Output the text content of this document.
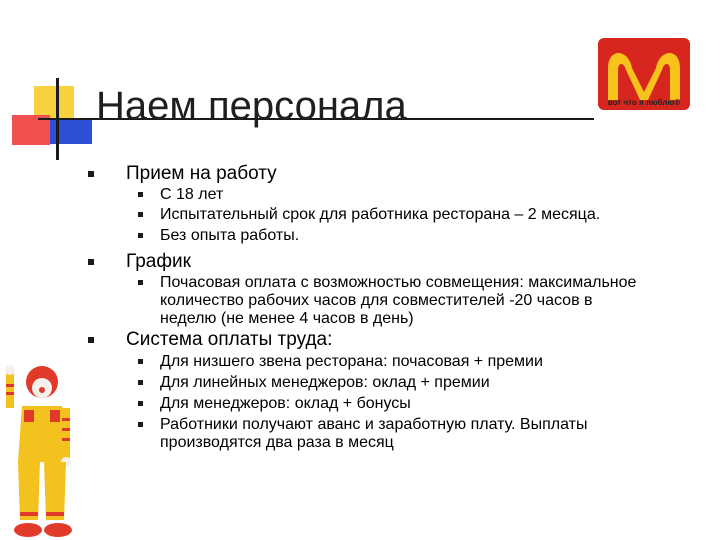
Наем персонала	вот что я люблю®
Прием на работу
С 18 лет
Испытательный срок для работника ресторана – 2 месяца.
Без опыта работы.
График
Почасовая оплата с возможностью совмещения: максимальное
количество рабочих часов для совместителей -20 часов в
неделю (не менее 4 часов в день)
Система оплаты труда:
Для низшего звена ресторана: почасовая + премии
Для линейных менеджеров: оклад + премии
Для менеджеров: оклад + бонусы
Работники получают аванс и заработную плату. Выплаты
производятся два раза в месяц
